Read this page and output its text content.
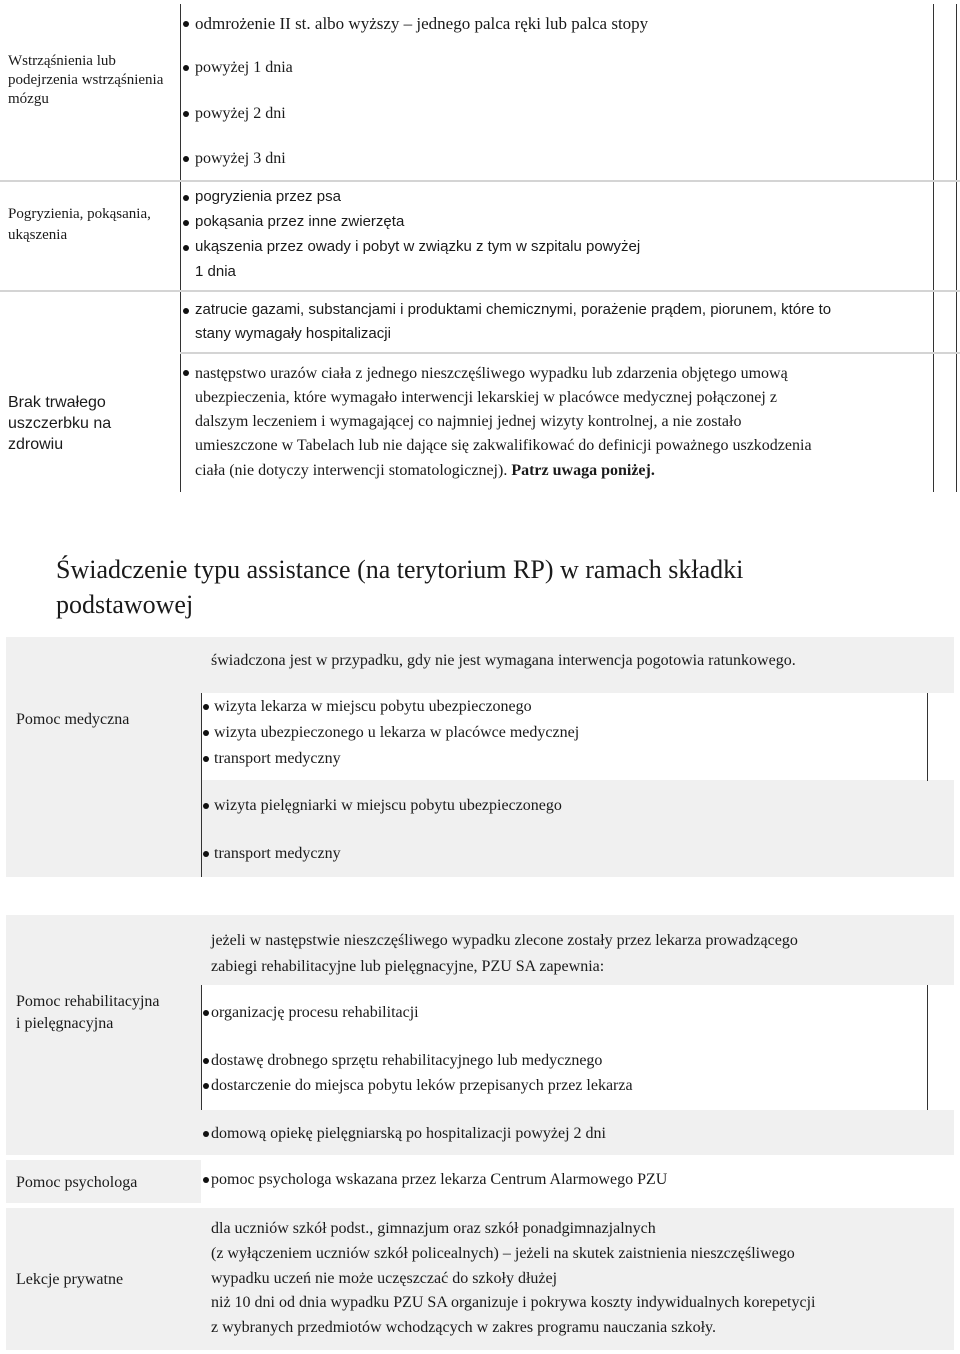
Wstrząśnienia lub podejrzenia wstrząśnienia mózgu
odmrożenie II st. albo wyższy – jednego palca ręki lub palca stopy
powyżej 1 dnia
powyżej 2 dni
powyżej 3 dni
Pogryzienia, pokąsania, ukąszenia
pogryzienia przez psa
pokąsania przez inne zwierzęta
ukąszenia przez owady i pobyt w związku z tym w szpitalu powyżej
1 dnia
zatrucie gazami, substancjami i produktami chemicznymi, porażenie prądem, piorunem, które to
stany wymagały hospitalizacji
Brak trwałego uszczerbku na zdrowiu
następstwo urazów ciała z jednego nieszczęśliwego wypadku lub zdarzenia objętego umową
ubezpieczenia, które wymagało interwencji lekarskiej w placówce medycznej połączonej z
dalszym leczeniem i wymagającej co najmniej jednej wizyty kontrolnej, a nie zostało
umieszczone w Tabelach lub nie dające się zakwalifikować do definicji poważnego uszkodzenia
ciała (nie dotyczy interwencji stomatologicznej). Patrz uwaga poniżej.
Świadczenie typu assistance (na terytorium RP) w ramach składki
podstawowej
Pomoc medyczna
świadczona jest w przypadku, gdy nie jest wymagana interwencja pogotowia ratunkowego.
wizyta lekarza w miejscu pobytu ubezpieczonego
wizyta ubezpieczonego u lekarza w placówce medycznej
transport medyczny
wizyta pielęgniarki w miejscu pobytu ubezpieczonego
transport medyczny
Pomoc rehabilitacyjna i pielęgnacyjna
jeżeli w następstwie nieszczęśliwego wypadku zlecone zostały przez lekarza prowadzącego
zabiegi rehabilitacyjne lub pielęgnacyjne, PZU SA zapewnia:
organizację procesu rehabilitacji
dostawę drobnego sprzętu rehabilitacyjnego lub medycznego
dostarczenie do miejsca pobytu leków przepisanych przez lekarza
domową opiekę pielęgniarską po hospitalizacji powyżej 2 dni
Pomoc psychologa	pomoc psychologa wskazana przez lekarza Centrum Alarmowego PZU
Lekcje prywatne
dla uczniów szkół podst., gimnazjum oraz szkół ponadgimnazjalnych
(z wyłączeniem uczniów szkół policealnych) – jeżeli na skutek zaistnienia nieszczęśliwego
wypadku uczeń nie może uczęszczać do szkoły dłużej
niż 10 dni od dnia wypadku PZU SA organizuje i pokrywa koszty indywidualnych korepetycji
z wybranych przedmiotów wchodzących w zakres programu nauczania szkoły.
